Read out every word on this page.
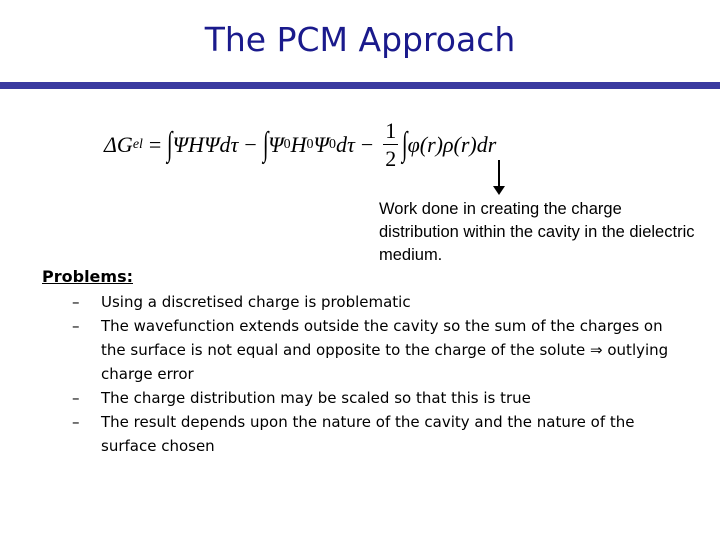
The PCM Approach
ΔG el = ∫ ΨHΨdτ − ∫ Ψ 0 H 0 Ψ 0 $d\tau - \frac{1}{2}$ ∫ φ(r)ρ(r)dr
Work done in creating the charge distribution within the cavity in the dielectric medium.
Problems:
– Using a discretised charge is problematic
– The wavefunction extends outside the cavity so the sum of the charges on the surface is not equal and opposite to the charge of the solute ⇒ outlying charge error
– The charge distribution may be scaled so that this is true
– The result depends upon the nature of the cavity and the nature of the surface chosen
